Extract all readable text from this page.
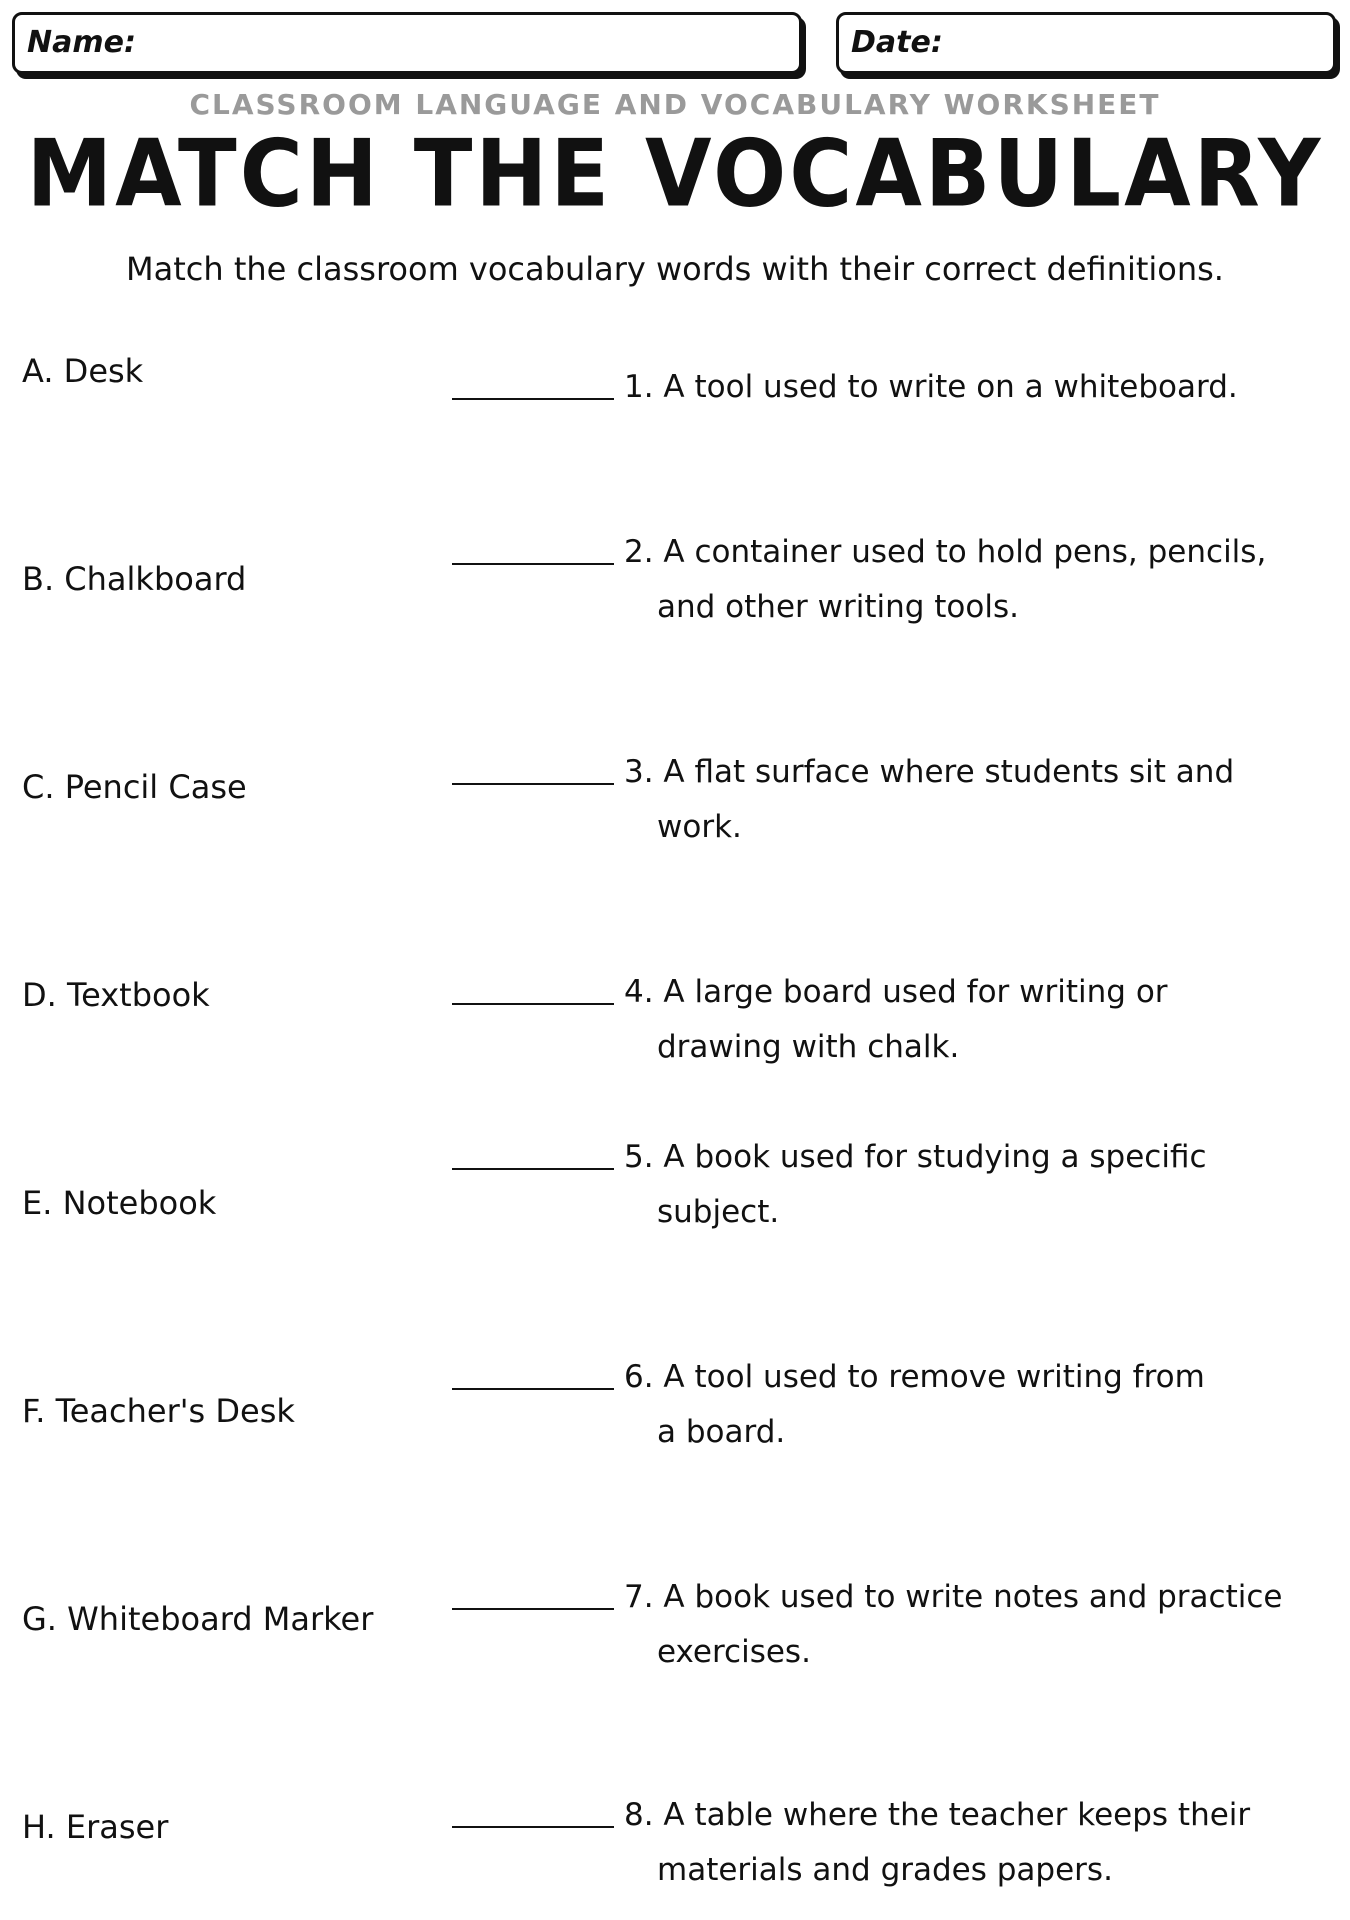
Name:	Date:
CLASSROOM LANGUAGE AND VOCABULARY WORKSHEET
MATCH THE VOCABULARY
Match the classroom vocabulary words with their correct definitions.
A. Desk
B. Chalkboard
C. Pencil Case
D. Textbook
E. Notebook
F. Teacher's Desk
G. Whiteboard Marker
H. Eraser
1. A tool used to write on a whiteboard.
2. A container used to hold pens, pencils,
and other writing tools.
3. A flat surface where students sit and
work.
4. A large board used for writing or
drawing with chalk.
5. A book used for studying a specific
subject.
6. A tool used to remove writing from
a board.
7. A book used to write notes and practice
exercises.
8. A table where the teacher keeps their
materials and grades papers.
